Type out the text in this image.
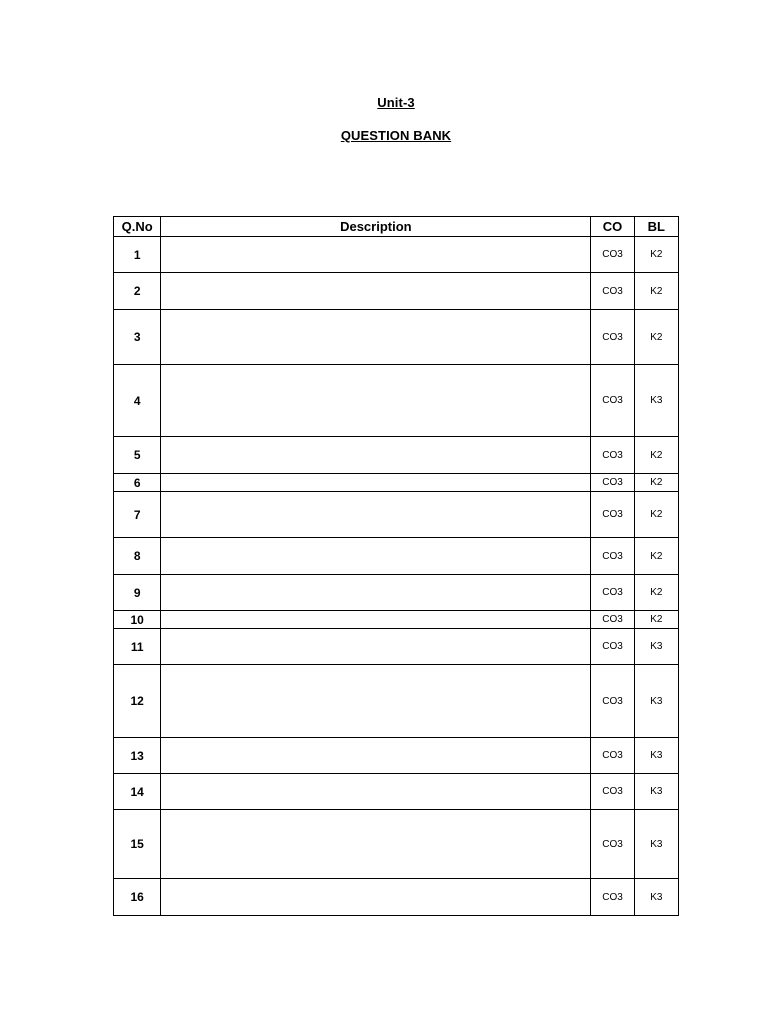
Unit-3
QUESTION BANK
Q.No	Description	CO	BL
1		CO3	K2
2		CO3	K2
3		CO3	K2
4		CO3	K3
5		CO3	K2
6		CO3	K2
7		CO3	K2
8		CO3	K2
9		CO3	K2
10		CO3	K2
11		CO3	K3
12		CO3	K3
13		CO3	K3
14		CO3	K3
15		CO3	K3
16		CO3	K3
